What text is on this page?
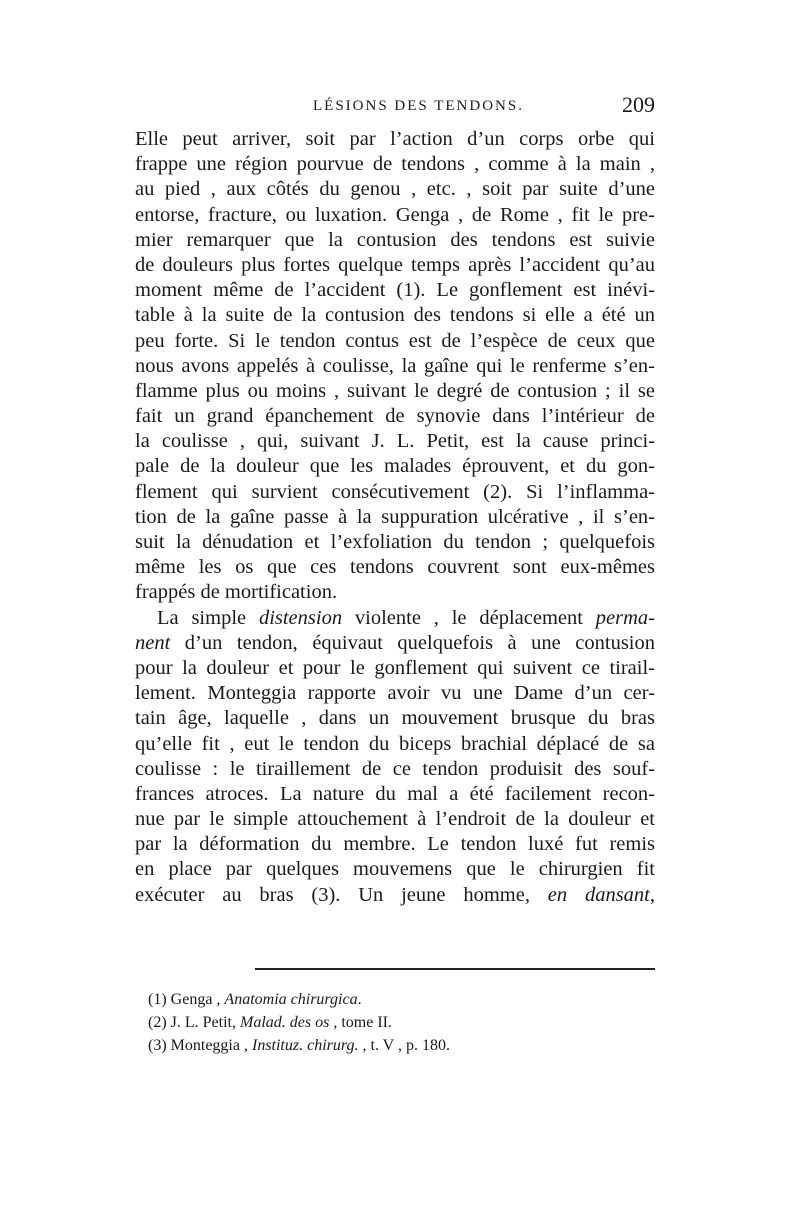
LÉSIONS DES TENDONS.	209
Elle peut arriver, soit par l’action d’un corps orbe qui
frappe une région pourvue de tendons , comme à la main ,
au pied , aux côtés du genou , etc. , soit par suite d’une
entorse, fracture, ou luxation. Genga , de Rome , fit le pre-
mier remarquer que la contusion des tendons est suivie
de douleurs plus fortes quelque temps après l’accident qu’au
moment même de l’accident (1). Le gonflement est inévi-
table à la suite de la contusion des tendons si elle a été un
peu forte. Si le tendon contus est de l’espèce de ceux que
nous avons appelés à coulisse, la gaîne qui le renferme s’en-
flamme plus ou moins , suivant le degré de contusion ; il se
fait un grand épanchement de synovie dans l’intérieur de
la coulisse , qui, suivant J. L. Petit, est la cause princi-
pale de la douleur que les malades éprouvent, et du gon-
flement qui survient consécutivement (2). Si l’inflamma-
tion de la gaîne passe à la suppuration ulcérative , il s’en-
suit la dénudation et l’exfoliation du tendon ; quelquefois
même les os que ces tendons couvrent sont eux-mêmes
frappés de mortification.
La simple distension violente , le déplacement perma-
nent d’un tendon, équivaut quelquefois à une contusion
pour la douleur et pour le gonflement qui suivent ce tirail-
lement. Monteggia rapporte avoir vu une Dame d’un cer-
tain âge, laquelle , dans un mouvement brusque du bras
qu’elle fit , eut le tendon du biceps brachial déplacé de sa
coulisse : le tiraillement de ce tendon produisit des souf-
frances atroces. La nature du mal a été facilement recon-
nue par le simple attouchement à l’endroit de la douleur et
par la déformation du membre. Le tendon luxé fut remis
en place par quelques mouvemens que le chirurgien fit
exécuter au bras (3). Un jeune homme, en dansant,
(1) Genga , Anatomia chirurgica.
(2) J. L. Petit, Malad. des os , tome II.
(3) Monteggia , Instituz. chirurg. , t. V , p. 180.
